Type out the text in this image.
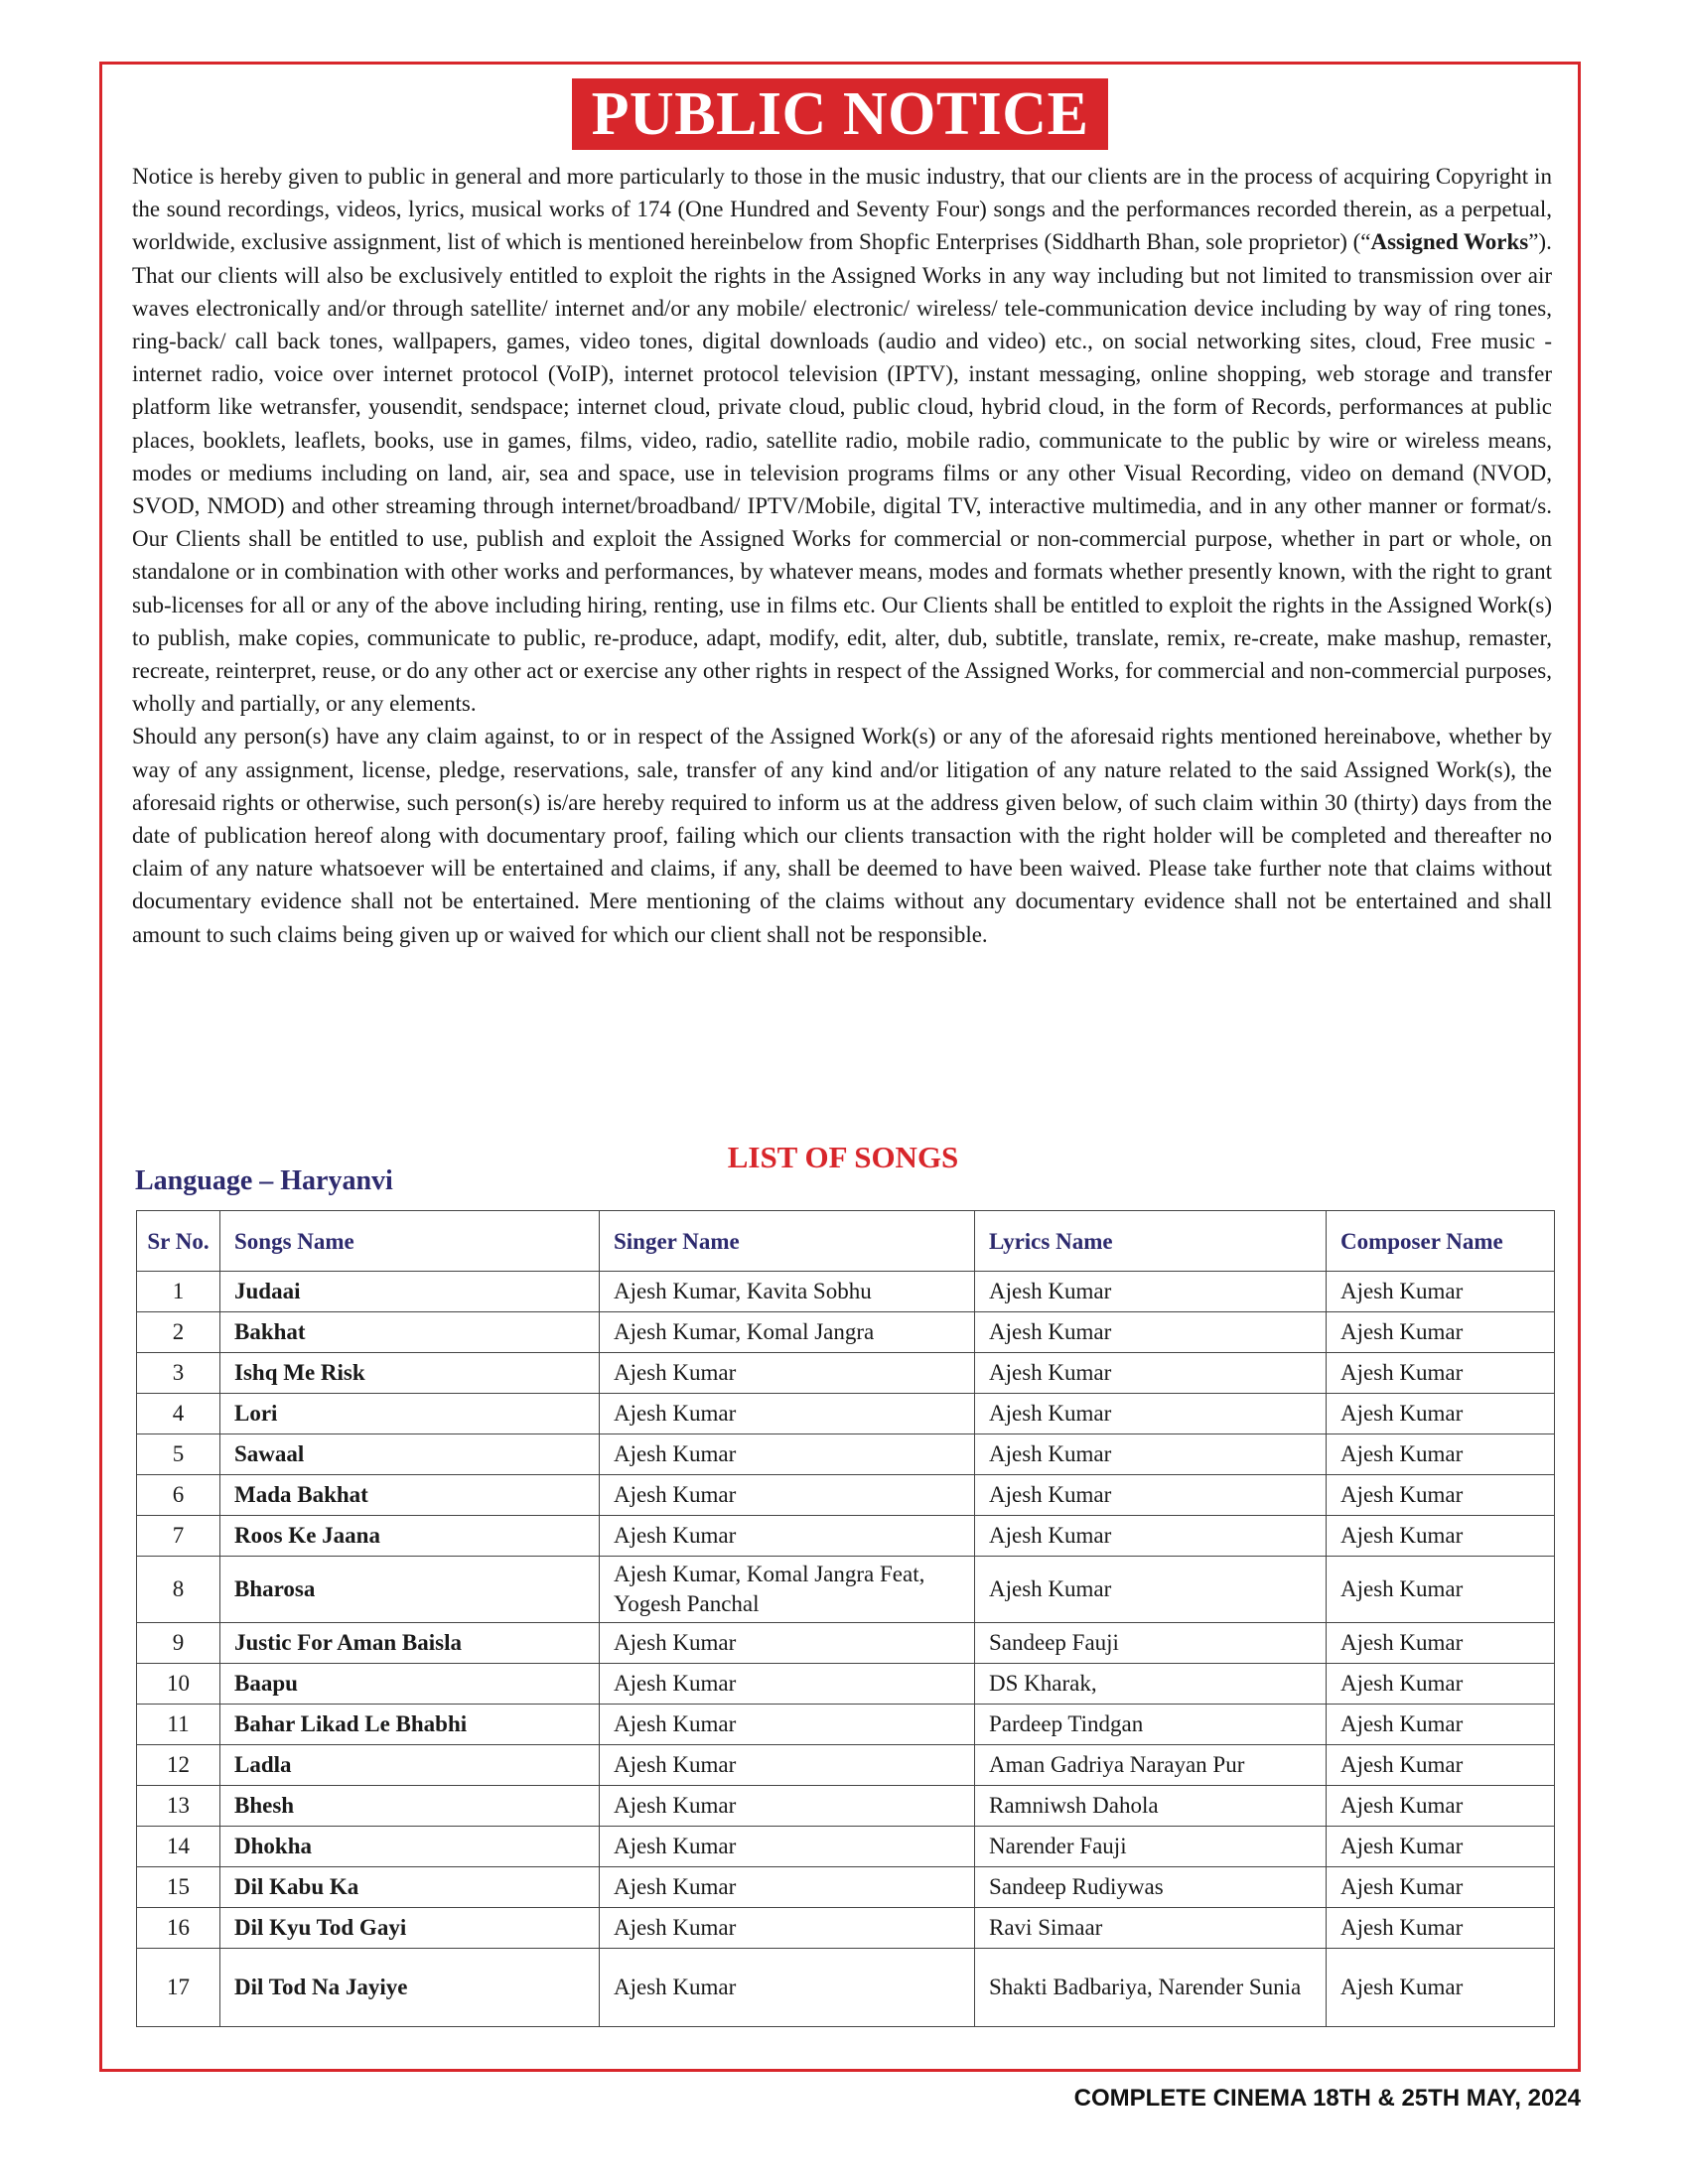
PUBLIC NOTICE

Notice is hereby given to public in general and more particularly to those in the music industry, that our clients are in the process of acquiring Copyright in the sound recordings, videos, lyrics, musical works of 174 (One Hundred and Seventy Four) songs and the performances recorded therein, as a perpetual, worldwide, exclusive assignment, list of which is mentioned hereinbelow from Shopfic Enterprises (Siddharth Bhan, sole proprietor) (“Assigned Works”).

That our clients will also be exclusively entitled to exploit the rights in the Assigned Works in any way including but not limited to transmission over air waves electronically and/or through satellite/ internet and/or any mobile/ electronic/ wireless/ tele-communication device including by way of ring tones, ring-back/ call back tones, wallpapers, games, video tones, digital downloads (audio and video) etc., on social networking sites, cloud, Free music - internet radio, voice over internet protocol (VoIP), internet protocol television (IPTV), instant messaging, online shopping, web storage and transfer platform like wetransfer, yousendit, sendspace; internet cloud, private cloud, public cloud, hybrid cloud, in the form of Records, performances at public places, booklets, leaflets, books, use in games, films, video, radio, satellite radio, mobile radio, communicate to the public by wire or wireless means, modes or mediums including on land, air, sea and space, use in television programs films or any other Visual Recording, video on demand (NVOD, SVOD, NMOD) and other streaming through internet/broadband/ IPTV/Mobile, digital TV, interactive multimedia, and in any other manner or format/s. Our Clients shall be entitled to use, publish and exploit the Assigned Works for commercial or non-commercial purpose, whether in part or whole, on standalone or in combination with other works and performances, by whatever means, modes and formats whether presently known, with the right to grant sub-licenses for all or any of the above including hiring, renting, use in films etc. Our Clients shall be entitled to exploit the rights in the Assigned Work(s) to publish, make copies, communicate to public, re-produce, adapt, modify, edit, alter, dub, subtitle, translate, remix, re-create, make mashup, remaster, recreate, reinterpret, reuse, or do any other act or exercise any other rights in respect of the Assigned Works, for commercial and non-commercial purposes, wholly and partially, or any elements.

Should any person(s) have any claim against, to or in respect of the Assigned Work(s) or any of the aforesaid rights mentioned hereinabove, whether by way of any assignment, license, pledge, reservations, sale, transfer of any kind and/or litigation of any nature related to the said Assigned Work(s), the aforesaid rights or otherwise, such person(s) is/are hereby required to inform us at the address given below, of such claim within 30 (thirty) days from the date of publication hereof along with documentary proof, failing which our clients transaction with the right holder will be completed and thereafter no claim of any nature whatsoever will be entertained and claims, if any, shall be deemed to have been waived. Please take further note that claims without documentary evidence shall not be entertained. Mere mentioning of the claims without any documentary evidence shall not be entertained and shall amount to such claims being given up or waived for which our client shall not be responsible.

LIST OF SONGS
Language – Haryanvi
Sr No.	Songs Name	Singer Name	Lyrics Name	Composer Name
1	Judaai	Ajesh Kumar, Kavita Sobhu	Ajesh Kumar	Ajesh Kumar
2	Bakhat	Ajesh Kumar, Komal Jangra	Ajesh Kumar	Ajesh Kumar
3	Ishq Me Risk	Ajesh Kumar	Ajesh Kumar	Ajesh Kumar
4	Lori	Ajesh Kumar	Ajesh Kumar	Ajesh Kumar
5	Sawaal	Ajesh Kumar	Ajesh Kumar	Ajesh Kumar
6	Mada Bakhat	Ajesh Kumar	Ajesh Kumar	Ajesh Kumar
7	Roos Ke Jaana	Ajesh Kumar	Ajesh Kumar	Ajesh Kumar
8	Bharosa	Ajesh Kumar, Komal Jangra Feat, Yogesh Panchal	Ajesh Kumar	Ajesh Kumar
9	Justic For Aman Baisla	Ajesh Kumar	Sandeep Fauji	Ajesh Kumar
10	Baapu	Ajesh Kumar	DS Kharak,	Ajesh Kumar
11	Bahar Likad Le Bhabhi	Ajesh Kumar	Pardeep Tindgan	Ajesh Kumar
12	Ladla	Ajesh Kumar	Aman Gadriya Narayan Pur	Ajesh Kumar
13	Bhesh	Ajesh Kumar	Ramniwsh Dahola	Ajesh Kumar
14	Dhokha	Ajesh Kumar	Narender Fauji	Ajesh Kumar
15	Dil Kabu Ka	Ajesh Kumar	Sandeep Rudiywas	Ajesh Kumar
16	Dil Kyu Tod Gayi	Ajesh Kumar	Ravi Simaar	Ajesh Kumar
17	Dil Tod Na Jayiye	Ajesh Kumar	Shakti Badbariya, Narender Sunia	Ajesh Kumar
COMPLETE CINEMA 18TH & 25TH MAY, 2024
